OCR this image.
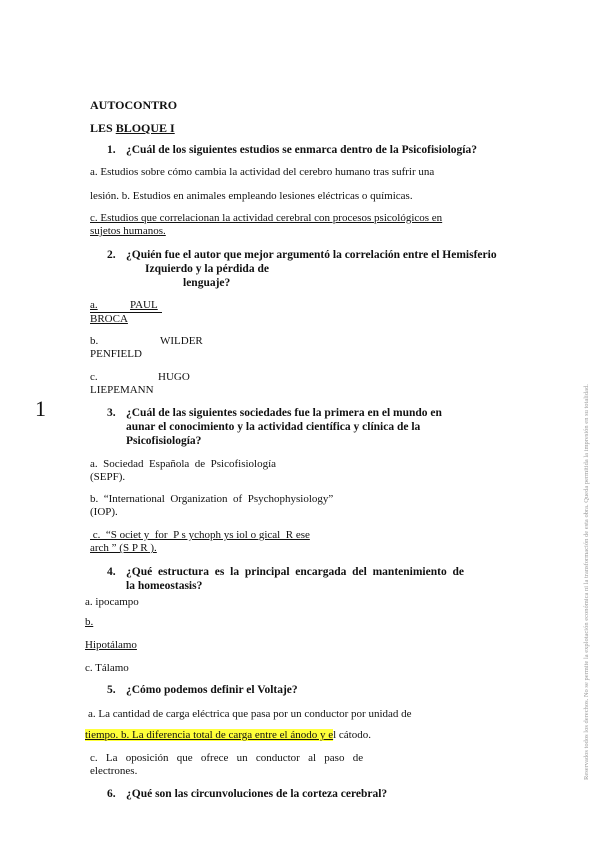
AUTOCONTRO
LES BLOQUE I
1	Reservados todos los derechos. No se permite la explotación económica ni la transformación de esta obra. Queda permitida la impresión en su totalidad.
1. ¿Cuál de los siguientes estudios se enmarca dentro de la Psicofisiología?
a. Estudios sobre cómo cambia la actividad del cerebro humano tras sufrir una
lesión. b. Estudios en animales empleando lesiones eléctricas o químicas.
c. Estudios que correlacionan la actividad cerebral con procesos psicológicos en
sujetos humanos.
2. ¿Quién fue el autor que mejor argumentó la correlación entre el Hemisferio
Izquierdo y la pérdida de
lenguaje?
a.	PAUL
BROCA
b.	WILDER
PENFIELD
c.	HUGO
LIEPEMANN
3. ¿Cuál de las siguientes sociedades fue la primera en el mundo en
aunar el conocimiento y la actividad científica y clínica de la
Psicofisiología?
a.  Sociedad  Española  de  Psicofisiología
(SEPF).
b.  “International  Organization  of  Psychophysiology”
(IOP).
c.  “S ociet y  for  P s ychoph ys iol o gical  R ese
arch ” (S P R ).
4. ¿Qué  estructura  es  la  principal  encargada  del  mantenimiento  de
la homeostasis?
a. ipocampo
b.
Hipotálamo
c. Tálamo
5. ¿Cómo podemos definir el Voltaje?
a. La cantidad de carga eléctrica que pasa por un conductor por unidad de
tiempo. b. La diferencia total de carga entre el ánodo y el cátodo.
c.   La   oposición   que   ofrece   un   conductor   al   paso   de
electrones.
6. ¿Qué son las circunvoluciones de la corteza cerebral?
